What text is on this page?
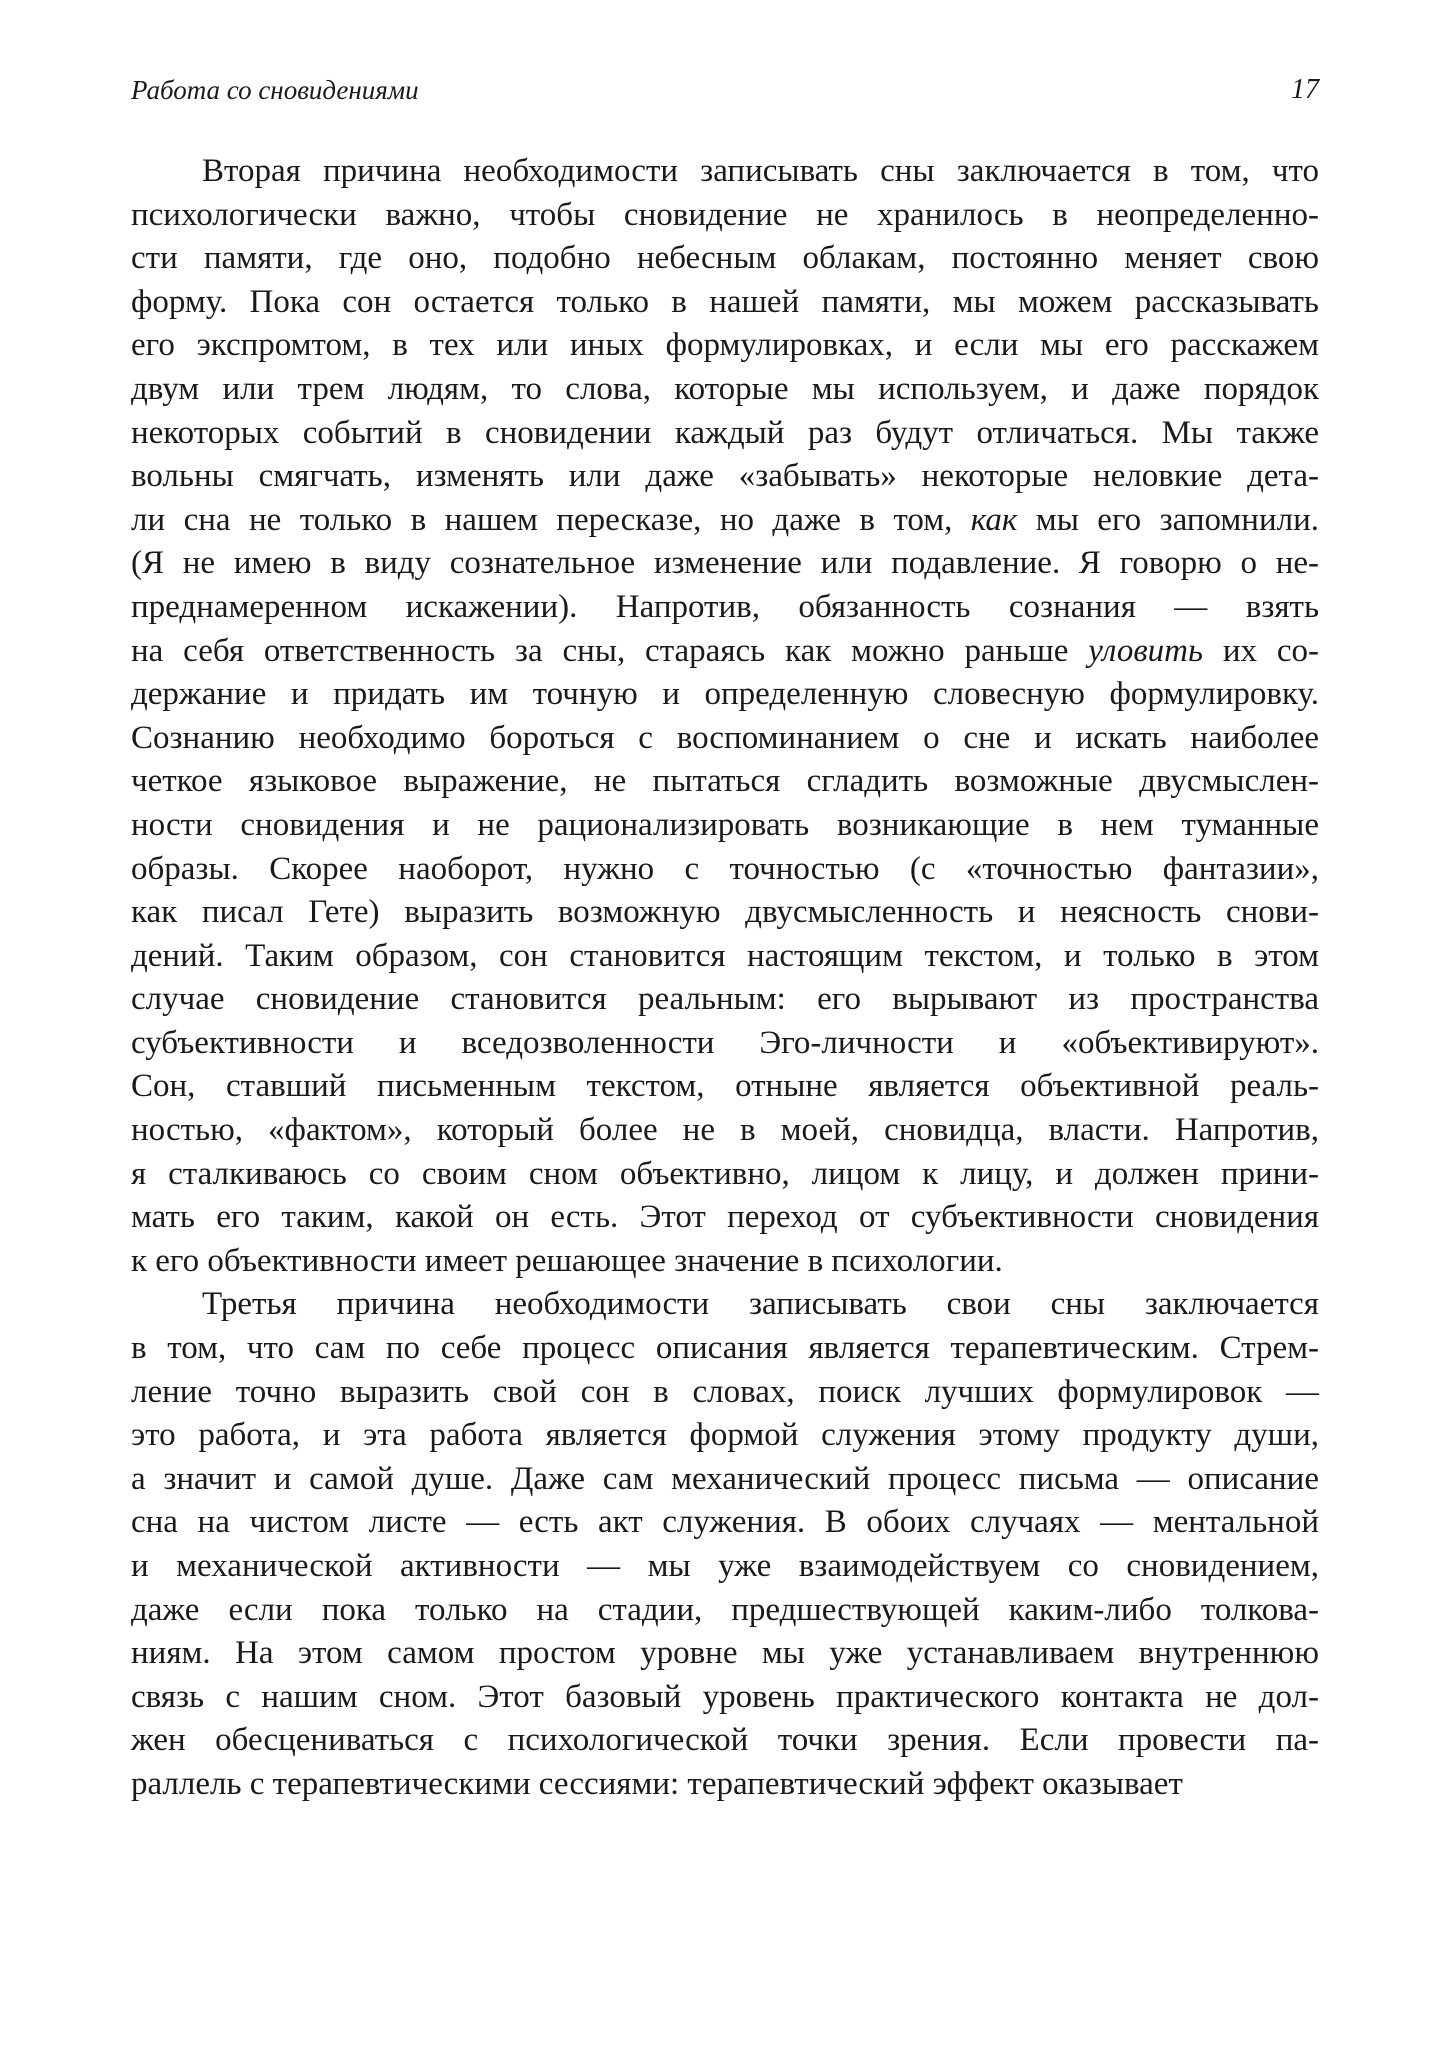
Работа со сновидениями	17
Вторая причина необходимости записывать сны заключается в том, что
психологически важно, чтобы сновидение не хранилось в неопределенно-
сти памяти, где оно, подобно небесным облакам, постоянно меняет свою
форму. Пока сон остается только в нашей памяти, мы можем рассказывать
его экспромтом, в тех или иных формулировках, и если мы его расскажем
двум или трем людям, то слова, которые мы используем, и даже порядок
некоторых событий в сновидении каждый раз будут отличаться. Мы также
вольны смягчать, изменять или даже «забывать» некоторые неловкие дета-
ли сна не только в нашем пересказе, но даже в том, как мы его запомнили.
(Я не имею в виду сознательное изменение или подавление. Я говорю о не-
преднамеренном искажении). Напротив, обязанность сознания — взять
на себя ответственность за сны, стараясь как можно раньше уловить их со-
держание и придать им точную и определенную словесную формулировку.
Сознанию необходимо бороться с воспоминанием о сне и искать наиболее
четкое языковое выражение, не пытаться сгладить возможные двусмыслен-
ности сновидения и не рационализировать возникающие в нем туманные
образы. Скорее наоборот, нужно с точностью (с «точностью фантазии»,
как писал Гете) выразить возможную двусмысленность и неясность снови-
дений. Таким образом, сон становится настоящим текстом, и только в этом
случае сновидение становится реальным: его вырывают из пространства
субъективности и вседозволенности Эго-личности и «объективируют».
Сон, ставший письменным текстом, отныне является объективной реаль-
ностью, «фактом», который более не в моей, сновидца, власти. Напротив,
я сталкиваюсь со своим сном объективно, лицом к лицу, и должен прини-
мать его таким, какой он есть. Этот переход от субъективности сновидения
к его объективности имеет решающее значение в психологии.
Третья причина необходимости записывать свои сны заключается
в том, что сам по себе процесс описания является терапевтическим. Стрем-
ление точно выразить свой сон в словах, поиск лучших формулировок —
это работа, и эта работа является формой служения этому продукту души,
а значит и самой душе. Даже сам механический процесс письма — описание
сна на чистом листе — есть акт служения. В обоих случаях — ментальной
и механической активности — мы уже взаимодействуем со сновидением,
даже если пока только на стадии, предшествующей каким-либо толкова-
ниям. На этом самом простом уровне мы уже устанавливаем внутреннюю
связь с нашим сном. Этот базовый уровень практического контакта не дол-
жен обесцениваться с психологической точки зрения. Если провести па-
раллель с терапевтическими сессиями: терапевтический эффект оказывает
